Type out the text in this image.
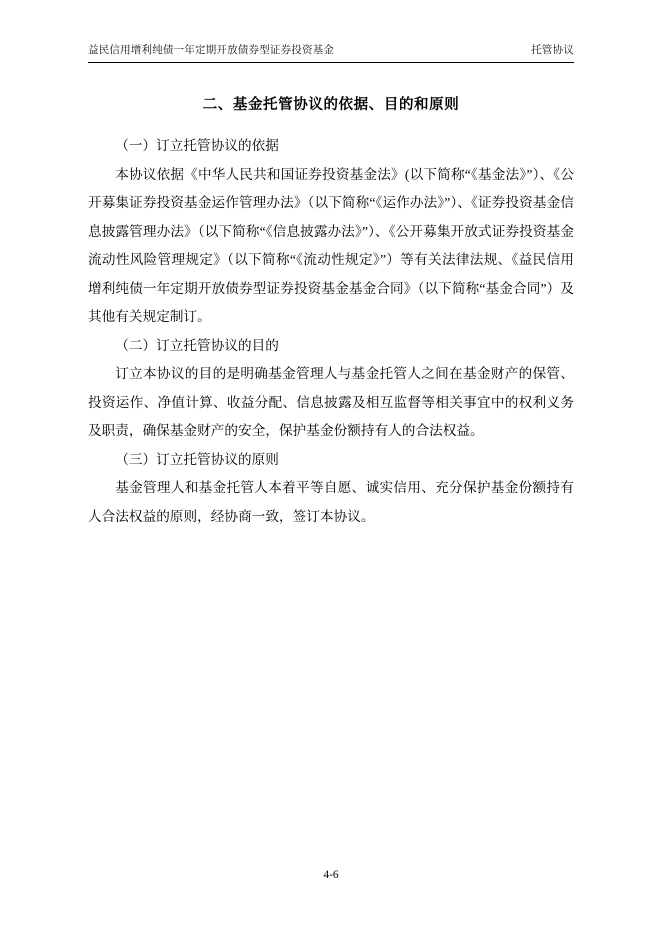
益民信用增利纯债一年定期开放债券型证券投资基金	托管协议
二、基金托管协议的依据、目的和原则

（一）订立托管协议的依据

本协议依据《中华人民共和国证券投资基金法》(以下简称“《基金法》”）、《公开募集证券投资基金运作管理办法》（以下简称“《运作办法》”）、《证券投资基金信息披露管理办法》（以下简称“《信息披露办法》”）、《公开募集开放式证券投资基金流动性风险管理规定》（以下简称“《流动性规定》”）等有关法律法规、《益民信用增利纯债一年定期开放债券型证券投资基金基金合同》（以下简称“基金合同”）及其他有关规定制订。

（二）订立托管协议的目的

订立本协议的目的是明确基金管理人与基金托管人之间在基金财产的保管、投资运作、净值计算、收益分配、信息披露及相互监督等相关事宜中的权利义务及职责，确保基金财产的安全，保护基金份额持有人的合法权益。

（三）订立托管协议的原则

基金管理人和基金托管人本着平等自愿、诚实信用、充分保护基金份额持有人合法权益的原则，经协商一致，签订本协议。

4-6
